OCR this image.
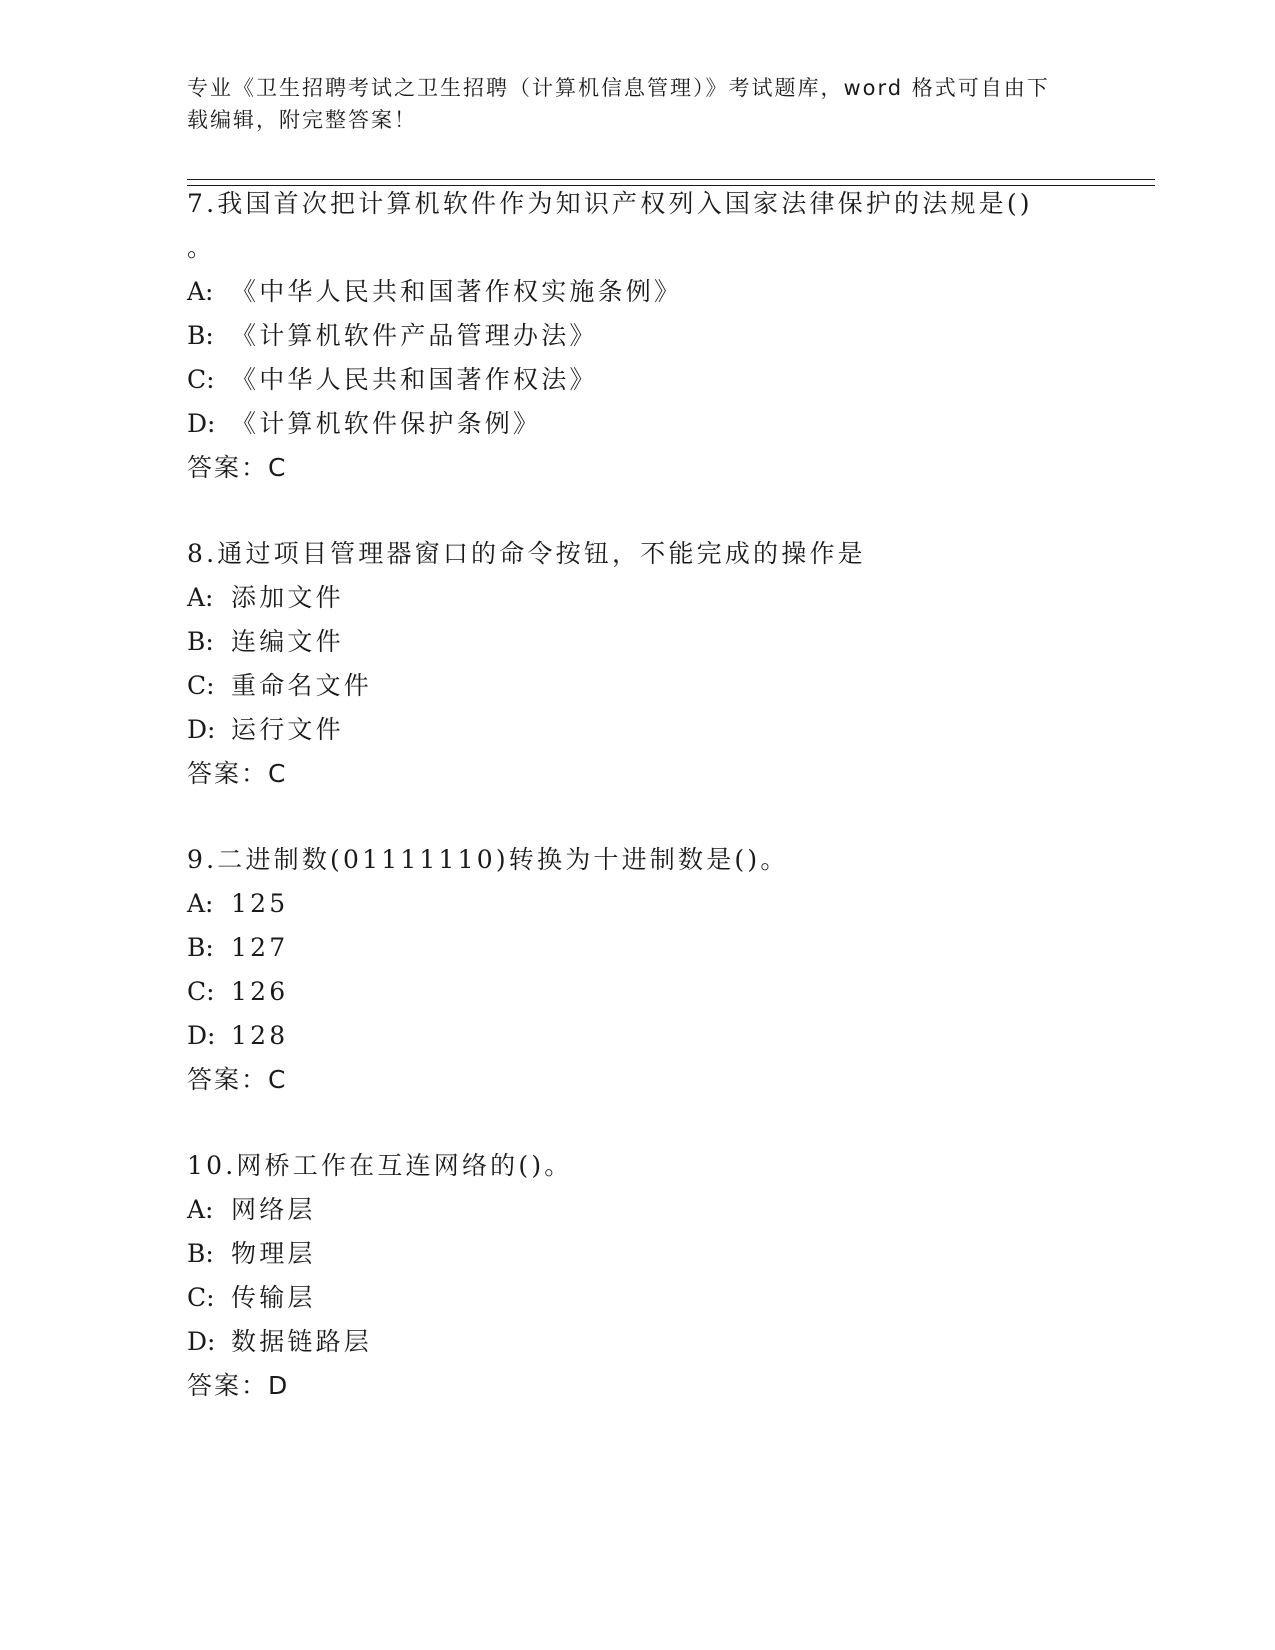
专业《卫生招聘考试之卫生招聘（计算机信息管理）》考试题库，word 格式可自由下载编辑，附完整答案！
7.我国首次把计算机软件作为知识产权列入国家法律保护的法规是()
。
A: 《中华人民共和国著作权实施条例》
B: 《计算机软件产品管理办法》
C: 《中华人民共和国著作权法》
D: 《计算机软件保护条例》
答案：C
8.通过项目管理器窗口的命令按钮，不能完成的操作是
A: 添加文件
B: 连编文件
C: 重命名文件
D: 运行文件
答案：C
9.二进制数(01111110)转换为十进制数是()。
A: 125
B: 127
C: 126
D: 128
答案：C
10.网桥工作在互连网络的()。
A: 网络层
B: 物理层
C: 传输层
D: 数据链路层
答案：D
